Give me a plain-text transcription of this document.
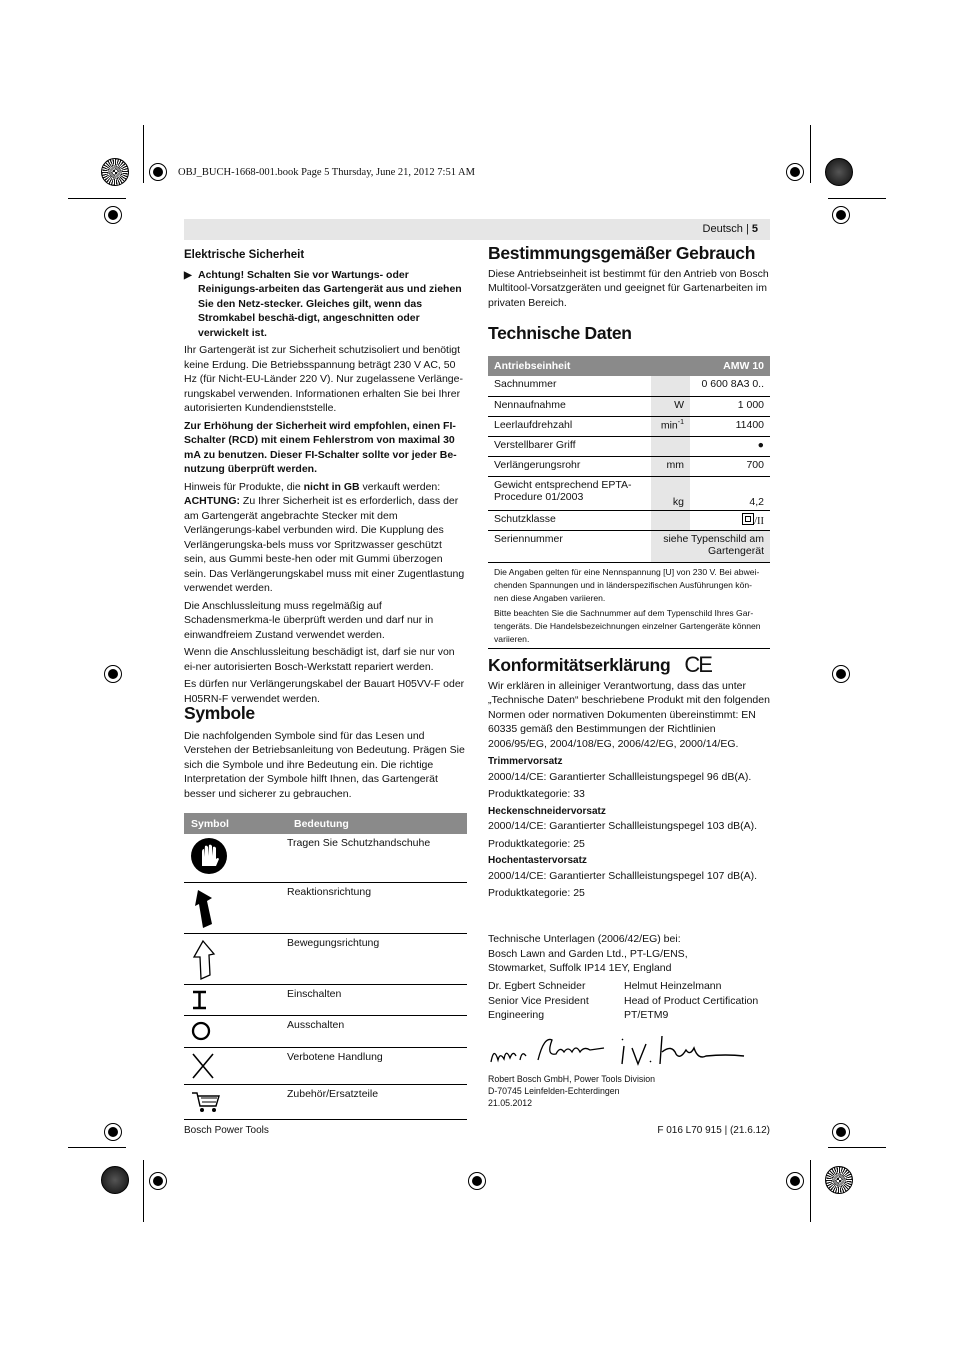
OBJ_BUCH-1668-001.book Page 5 Thursday, June 21, 2012 7:51 AM
Deutsch | 5
Elektrische Sicherheit
▶ Achtung! Schalten Sie vor Wartungs- oder Reinigungs-arbeiten das Gartengerät aus und ziehen Sie den Netz-stecker. Gleiches gilt, wenn das Stromkabel beschä-digt, angeschnitten oder verwickelt ist.

Ihr Gartengerät ist zur Sicherheit schutzisoliert und benötigt keine Erdung. Die Betriebsspannung beträgt 230 V AC, 50 Hz (für Nicht-EU-Länder 220 V). Nur zugelassene Verlänge-rungskabel verwenden. Informationen erhalten Sie bei Ihrer autorisierten Kundendienststelle.

Zur Erhöhung der Sicherheit wird empfohlen, einen FI-Schalter (RCD) mit einem Fehlerstrom von maximal 30 mA zu benutzen. Dieser FI-Schalter sollte vor jeder Be-nutzung überprüft werden.

Hinweis für Produkte, die nicht in GB verkauft werden:

ACHTUNG: Zu Ihrer Sicherheit ist es erforderlich, dass der am Gartengerät angebrachte Stecker mit dem Verlängerungs-kabel verbunden wird. Die Kupplung des Verlängerungska-bels muss vor Spritzwasser geschützt sein, aus Gummi beste-hen oder mit Gummi überzogen sein. Das Verlängerungskabel muss mit einer Zugentlastung verwendet werden.

Die Anschlussleitung muss regelmäßig auf Schadensmerkma-le überprüft werden und darf nur in einwandfreiem Zustand verwendet werden.

Wenn die Anschlussleitung beschädigt ist, darf sie nur von ei-ner autorisierten Bosch-Werkstatt repariert werden.

Es dürfen nur Verlängerungskabel der Bauart H05VV-F oder H05RN-F verwendet werden.

Symbole

Die nachfolgenden Symbole sind für das Lesen und Verstehen der Betriebsanleitung von Bedeutung. Prägen Sie sich die Symbole und ihre Bedeutung ein. Die richtige Interpretation der Symbole hilft Ihnen, das Gartengerät besser und sicherer zu gebrauchen.

Symbol	Bedeutung
	Tragen Sie Schutzhandschuhe
	Reaktionsrichtung
	Bewegungsrichtung
	Einschalten
	Ausschalten
	Verbotene Handlung
	Zubehör/Ersatzteile
Bestimmungsgemäßer Gebrauch

Diese Antriebseinheit ist bestimmt für den Antrieb von Bosch Multitool-Vorsatzgeräten und geeignet für Gartenarbeiten im privaten Bereich.

Technische Daten
Antriebseinheit		AMW 10
Sachnummer		0 600 8A3 0..
Nennaufnahme	W	1 000
Leerlaufdrehzahl	$\min^{-1}$	11400
Verstellbarer Griff		●
Verlängerungsrohr	mm	700
Gewicht entsprechend EPTA-Procedure 01/2003	kg	4,2
Schutzklasse		/II
Seriennummer	siehe Typenschild am Gartengerät	

Die Angaben gelten für eine Nennspannung [U] von 230 V. Bei abwei-chenden Spannungen und in länderspezifischen Ausführungen kön-nen diese Angaben variieren.

Bitte beachten Sie die Sachnummer auf dem Typenschild Ihres Gar-tengeräts. Die Handelsbezeichnungen einzelner Gartengeräte können variieren.		

Konformitätserklärung CE

Wir erklären in alleiniger Verantwortung, dass das unter „Technische Daten“ beschriebene Produkt mit den folgenden Normen oder normativen Dokumenten übereinstimmt: EN 60335 gemäß den Bestimmungen der Richtlinien 2006/95/EG, 2004/108/EG, 2006/42/EG, 2000/14/EG.

Trimmervorsatz

2000/14/CE: Garantierter Schallleistungspegel 96 dB(A).

Produktkategorie: 33

Heckenschneidervorsatz

2000/14/CE: Garantierter Schallleistungspegel 103 dB(A).

Produktkategorie: 25

Hochentastervorsatz

2000/14/CE: Garantierter Schallleistungspegel 107 dB(A).

Produktkategorie: 25

Technische Unterlagen (2006/42/EG) bei:
Bosch Lawn and Garden Ltd., PT-LG/ENS,
Stowmarket, Suffolk IP14 1EY, England
Dr. Egbert Schneider
Senior Vice President
Engineering
Helmut Heinzelmann
Head of Product Certification
PT/ETM9
Robert Bosch GmbH, Power Tools Division
D-70745 Leinfelden-Echterdingen
21.05.2012
Bosch Power Tools	F 016 L70 915 | (21.6.12)
